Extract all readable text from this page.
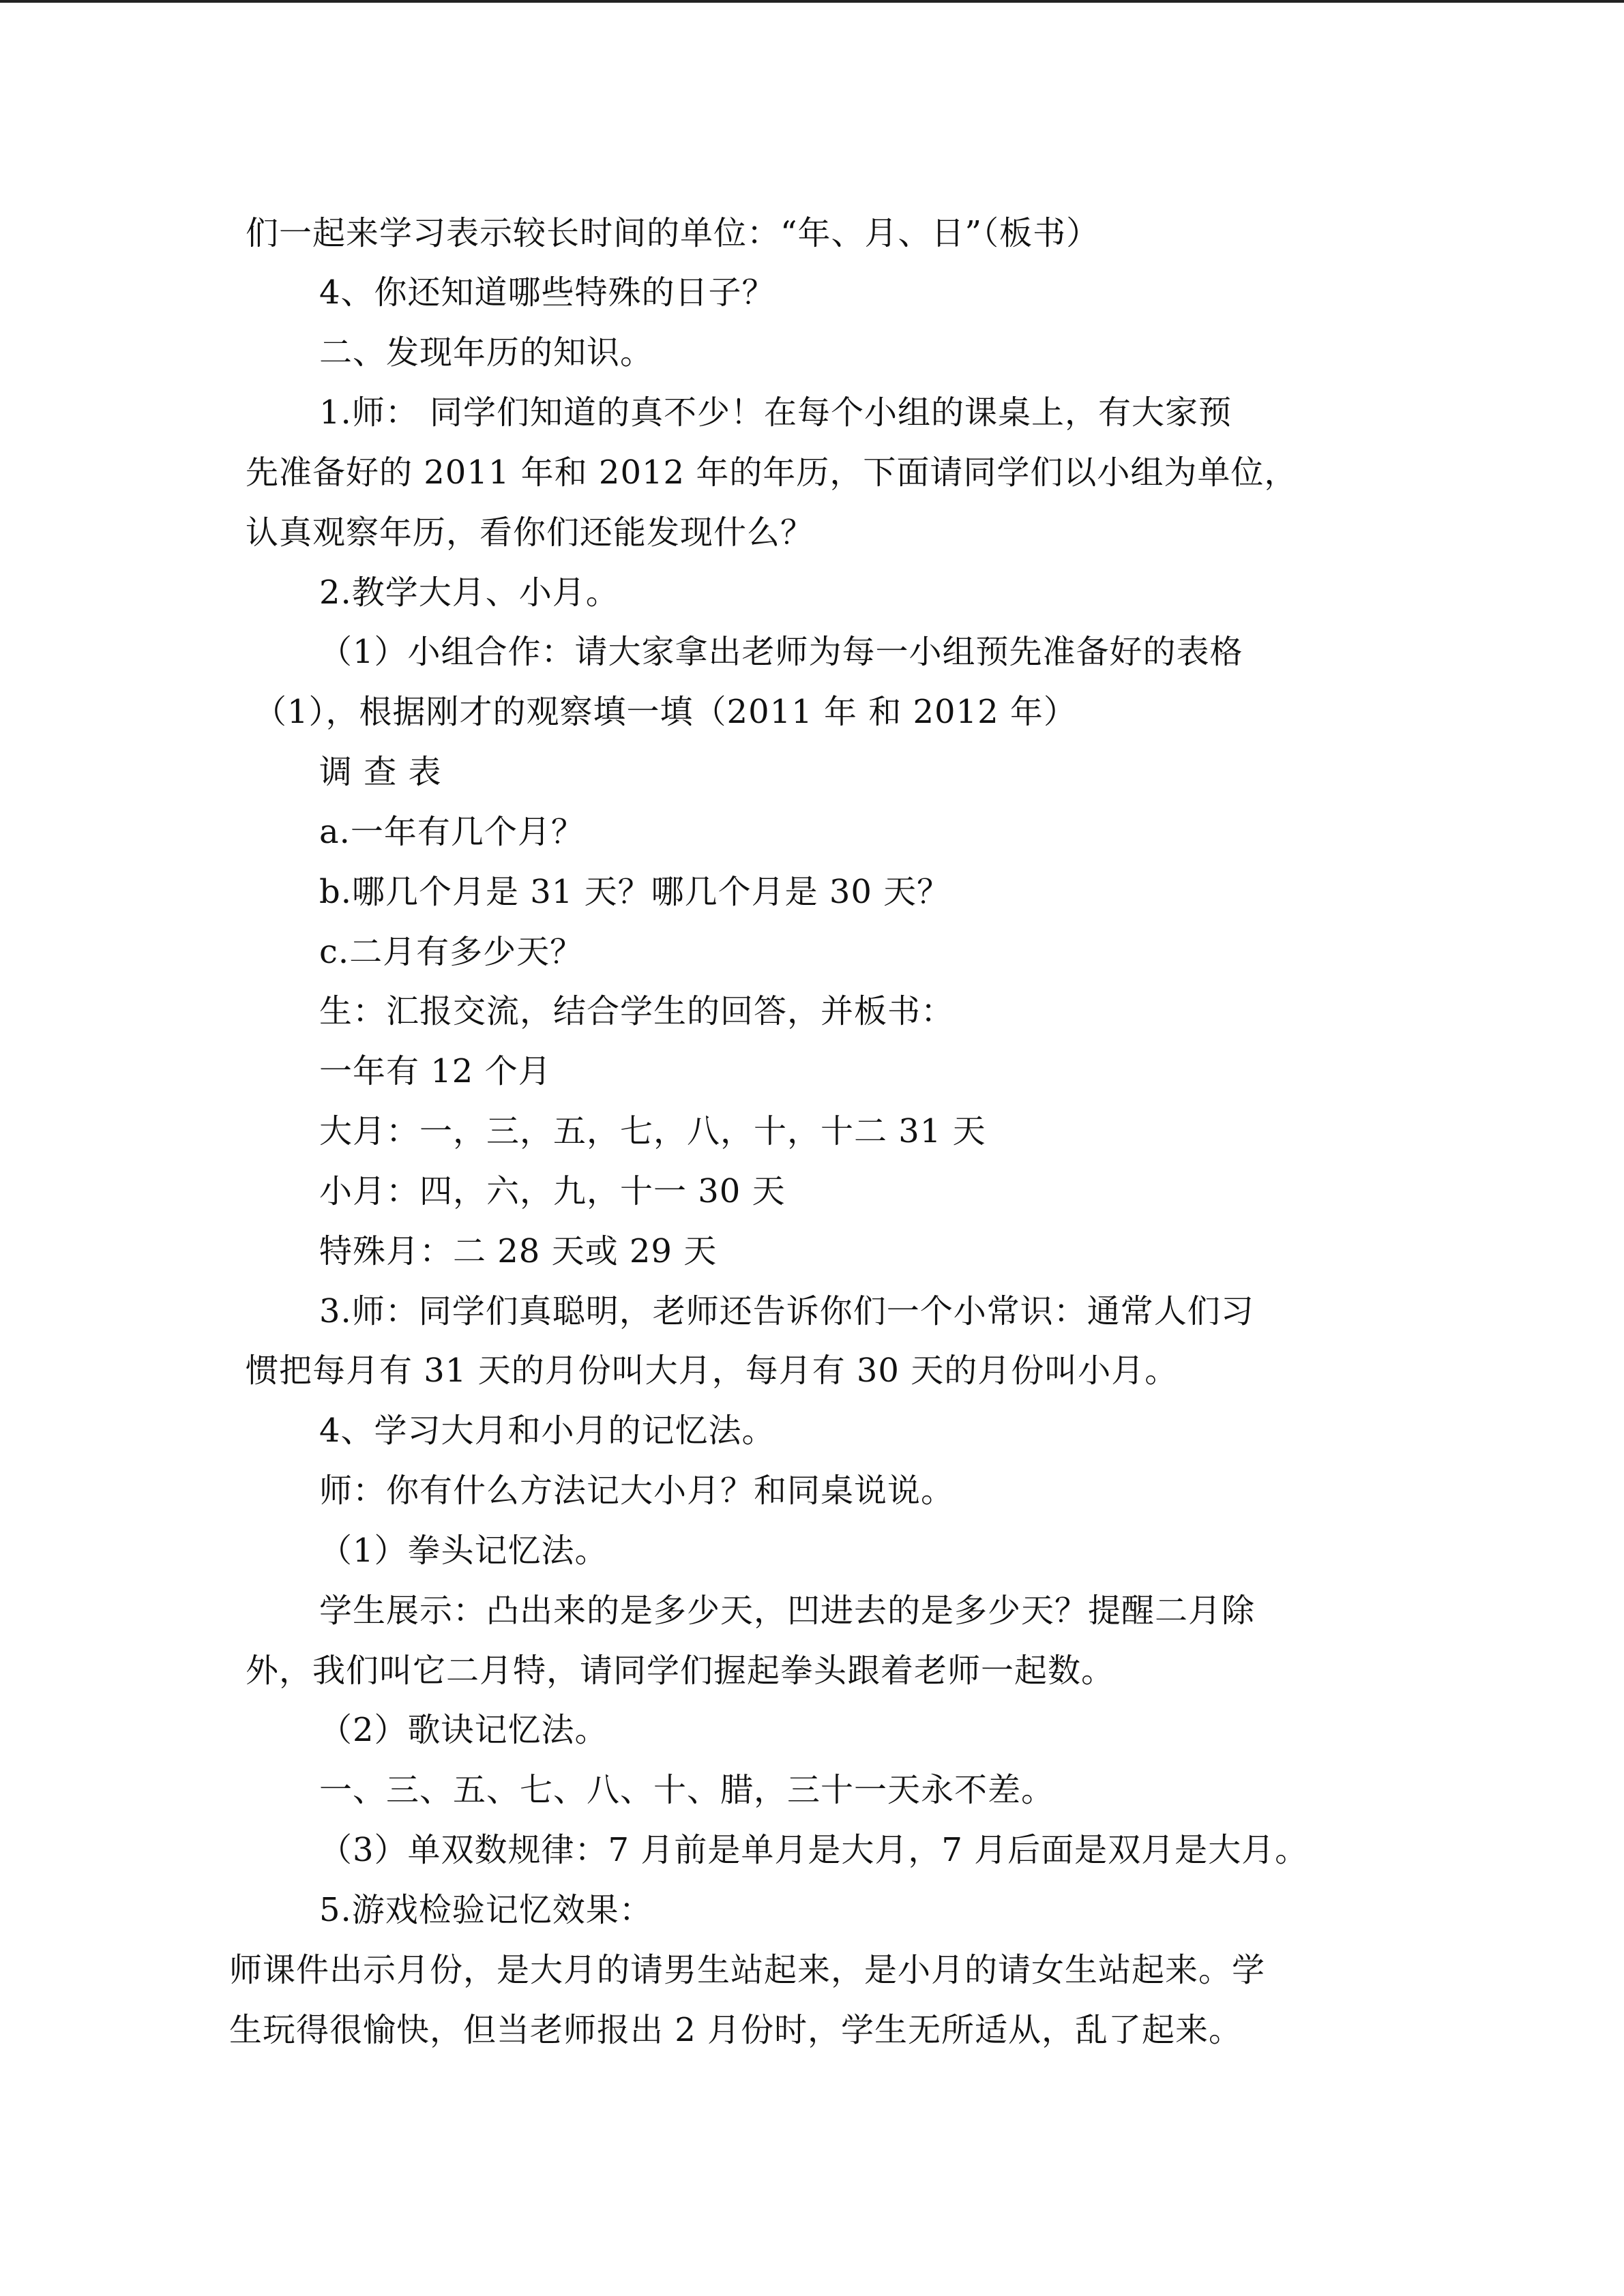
们一起来学习表示较长时间的单位：“年、月、日”（板书）

4、你还知道哪些特殊的日子？

二、发现年历的知识。

1.师： 同学们知道的真不少！在每个小组的课桌上，有大家预

先准备好的 2011 年和 2012 年的年历，下面请同学们以小组为单位，

认真观察年历，看你们还能发现什么？

2.教学大月、小月。

（1）小组合作：请大家拿出老师为每一小组预先准备好的表格

（1），根据刚才的观察填一填（2011 年 和 2012 年）

调 查 表

a.一年有几个月？

b.哪几个月是 31 天？哪几个月是 30 天？

c.二月有多少天？

生：汇报交流，结合学生的回答，并板书：

一年有 12 个月

大月：一，三，五，七，八，十，十二 31 天

小月：四，六，九，十一 30 天

特殊月：二 28 天或 29 天

3.师：同学们真聪明，老师还告诉你们一个小常识：通常人们习

惯把每月有 31 天的月份叫大月，每月有 30 天的月份叫小月。

4、学习大月和小月的记忆法。

师：你有什么方法记大小月？和同桌说说。

（1）拳头记忆法。

学生展示：凸出来的是多少天，凹进去的是多少天？提醒二月除

外，我们叫它二月特，请同学们握起拳头跟着老师一起数。

（2）歌诀记忆法。

一、三、五、七、八、十、腊，三十一天永不差。

（3）单双数规律：7 月前是单月是大月，7 月后面是双月是大月。

5.游戏检验记忆效果：

师课件出示月份，是大月的请男生站起来，是小月的请女生站起来。学

生玩得很愉快，但当老师报出 2 月份时，学生无所适从，乱了起来。
